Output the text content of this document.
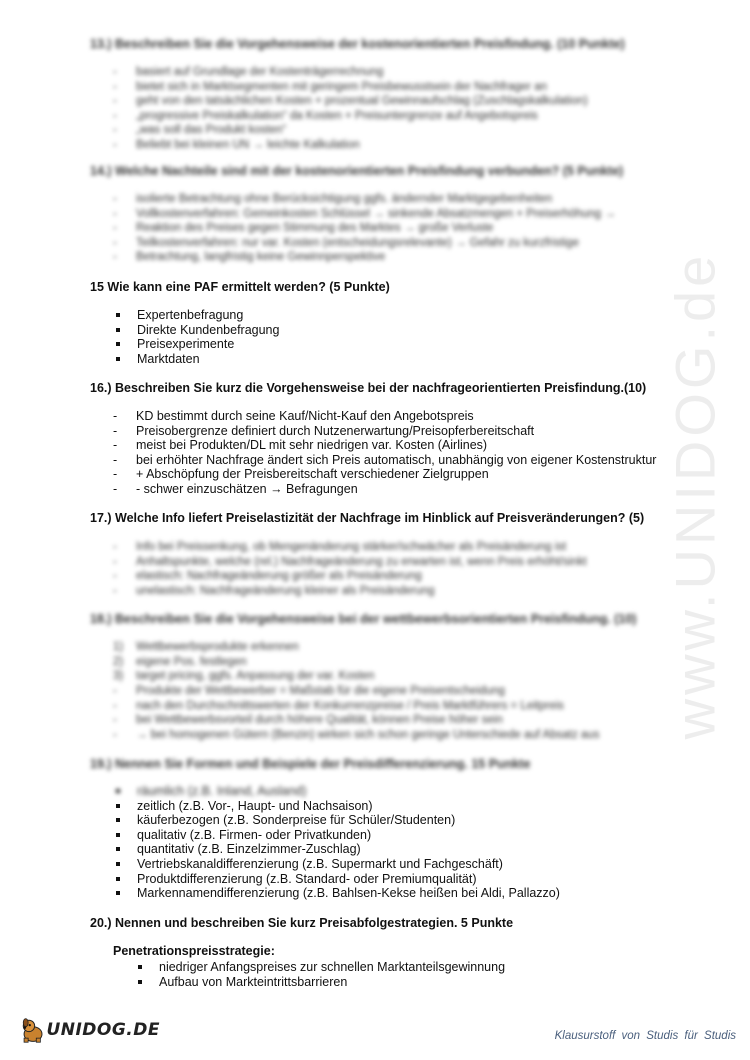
www.UNIDOG.de
13.) Beschreiben Sie die Vorgehensweise der kostenorientierten Preisfindung. (10 Punkte)
- basiert auf Grundlage der Kostenträgerrechnung
- bietet sich in Marktsegmenten mit geringem Preisbewusstsein der Nachfrager an
- geht von den tatsächlichen Kosten + prozentual Gewinnaufschlag (Zuschlagskalkulation)
- „progressive Preiskalkulation“ da Kosten + Preisuntergrenze auf Angebotspreis
- „was soll das Produkt kosten“
- Beliebt bei kleinen UN → leichte Kalkulation
14.) Welche Nachteile sind mit der kostenorientierten Preisfindung verbunden? (5 Punkte)
- isolierte Betrachtung ohne Berücksichtigung ggfs. ändernder Marktgegebenheiten
- Vollkostenverfahren: Gemeinkosten Schlüssel → sinkende Absatzmengen + Preiserhöhung →
- Reaktion des Preises gegen Stimmung des Marktes → große Verluste
- Teilkostenverfahren: nur var. Kosten (entscheidungsrelevante) → Gefahr zu kurzfristige
- Betrachtung, langfristig keine Gewinnperspektive
15 Wie kann eine PAF ermittelt werden? (5 Punkte)
Expertenbefragung
Direkte Kundenbefragung
Preisexperimente
Marktdaten
16.) Beschreiben Sie kurz die Vorgehensweise bei der nachfrageorientierten Preisfindung.(10)
- KD bestimmt durch seine Kauf/Nicht-Kauf den Angebotspreis
- Preisobergrenze definiert durch Nutzenerwartung/Preisopferbereitschaft
- meist bei Produkten/DL mit sehr niedrigen var. Kosten (Airlines)
- bei erhöhter Nachfrage ändert sich Preis automatisch, unabhängig von eigener Kostenstruktur
- + Abschöpfung der Preisbereitschaft verschiedener Zielgruppen
- - schwer einzuschätzen → Befragungen
17.) Welche Info liefert Preiselastizität der Nachfrage im Hinblick auf Preisveränderungen? (5)
- Info bei Preissenkung, ob Mengenänderung stärker/schwächer als Preisänderung ist
- Anhaltspunkte, welche (rel.) Nachfrageänderung zu erwarten ist, wenn Preis erhöht/sinkt
- elastisch: Nachfrageänderung größer als Preisänderung
- unelastisch: Nachfrageänderung kleiner als Preisänderung
18.) Beschreiben Sie die Vorgehensweise bei der wettbewerbsorientierten Preisfindung. (10)
1) Wettbewerbsprodukte erkennen
2) eigene Pos. festlegen
3) target pricing, ggfs. Anpassung der var. Kosten
- Produkte der Wettbewerber = Maßstab für die eigene Preisentscheidung
- nach den Durchschnittswerten der Konkurrenzpreise / Preis Marktführers = Leitpreis
- bei Wettbewerbsvorteil durch höhere Qualität, können Preise höher sein
- → bei homogenen Gütern (Benzin) wirken sich schon geringe Unterschiede auf Absatz aus
19.) Nennen Sie Formen und Beispiele der Preisdifferenzierung. 15 Punkte
räumlich (z.B. Inland, Ausland)
zeitlich (z.B. Vor-, Haupt- und Nachsaison)
käuferbezogen (z.B. Sonderpreise für Schüler/Studenten)
qualitativ (z.B. Firmen- oder Privatkunden)
quantitativ (z.B. Einzelzimmer-Zuschlag)
Vertriebskanaldifferenzierung (z.B. Supermarkt und Fachgeschäft)
Produktdifferenzierung (z.B. Standard- oder Premiumqualität)
Markennamendifferenzierung (z.B. Bahlsen-Kekse heißen bei Aldi, Pallazzo)
20.) Nennen und beschreiben Sie kurz Preisabfolgestrategien. 5 Punkte
Penetrationspreisstrategie:
niedriger Anfangspreises zur schnellen Marktanteilsgewinnung
Aufbau von Markteintrittsbarrieren
UNIDOG.DE	Klausurstoff von Studis für Studis
